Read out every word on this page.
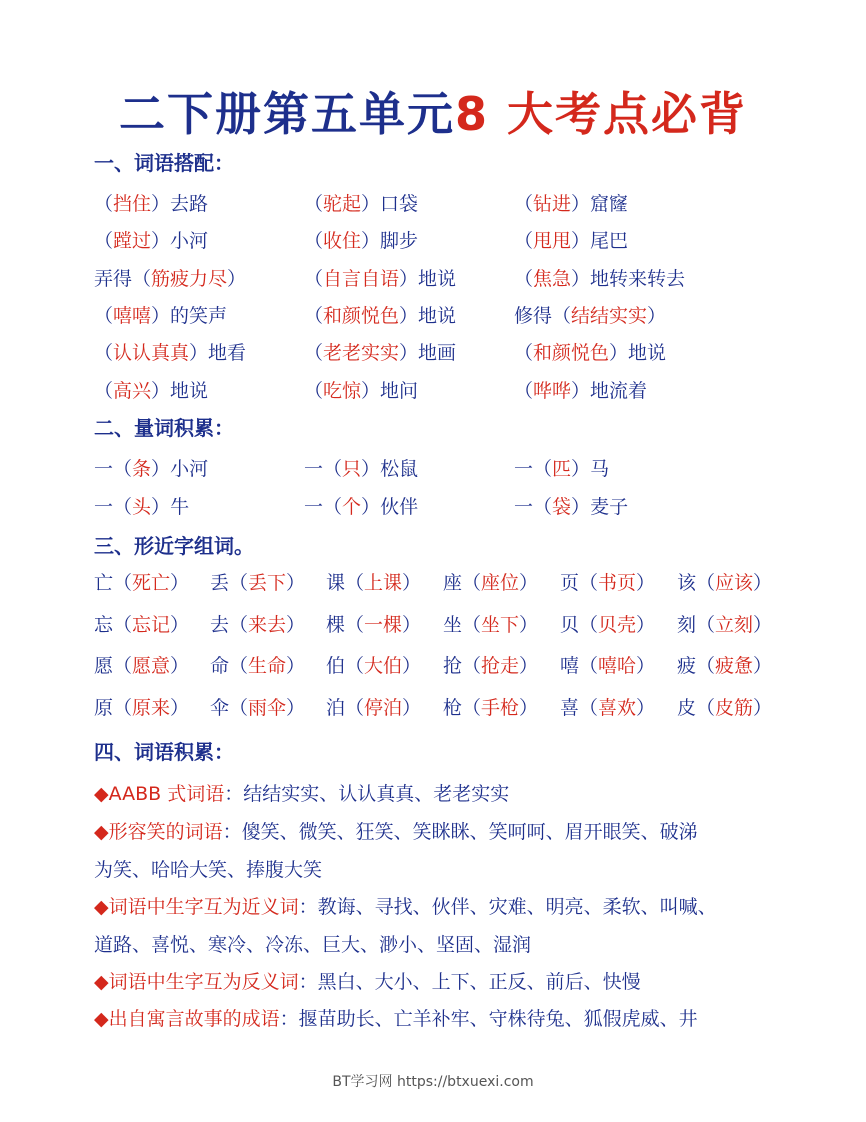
二下册第五单元8 大考点必背
一、词语搭配：
（挡住）去路	（驼起）口袋	（钻进）窟窿
（蹚过）小河	（收住）脚步	（甩甩）尾巴
弄得（筋疲力尽）	（自言自语）地说	（焦急）地转来转去
（嘻嘻）的笑声	（和颜悦色）地说	修得（结结实实）
（认认真真）地看	（老老实实）地画	（和颜悦色）地说
（高兴）地说	（吃惊）地问	（哗哗）地流着
二、量词积累：
一（条）小河	一（只）松鼠	一（匹）马
一（头）牛	一（个）伙伴	一（袋）麦子
三、形近字组词。
亡（死亡） 丢（丢下） 课（上课） 座（座位） 页（书页） 该（应该）
忘（忘记） 去（来去） 棵（一棵） 坐（坐下） 贝（贝壳） 刻（立刻）
愿（愿意） 命（生命） 伯（大伯） 抢（抢走） 嘻（嘻哈） 疲（疲惫）
原（原来） 伞（雨伞） 泊（停泊） 枪（手枪） 喜（喜欢） 皮（皮筋）
四、词语积累：
◆AABB 式词语：结结实实、认认真真、老老实实
◆形容笑的词语：傻笑、微笑、狂笑、笑眯眯、笑呵呵、眉开眼笑、破涕
为笑、哈哈大笑、捧腹大笑
◆词语中生字互为近义词：教诲、寻找、伙伴、灾难、明亮、柔软、叫喊、
道路、喜悦、寒冷、冷冻、巨大、渺小、坚固、湿润
◆词语中生字互为反义词：黑白、大小、上下、正反、前后、快慢
◆出自寓言故事的成语：揠苗助长、亡羊补牢、守株待兔、狐假虎威、井
BT学习网 https://btxuexi.com
